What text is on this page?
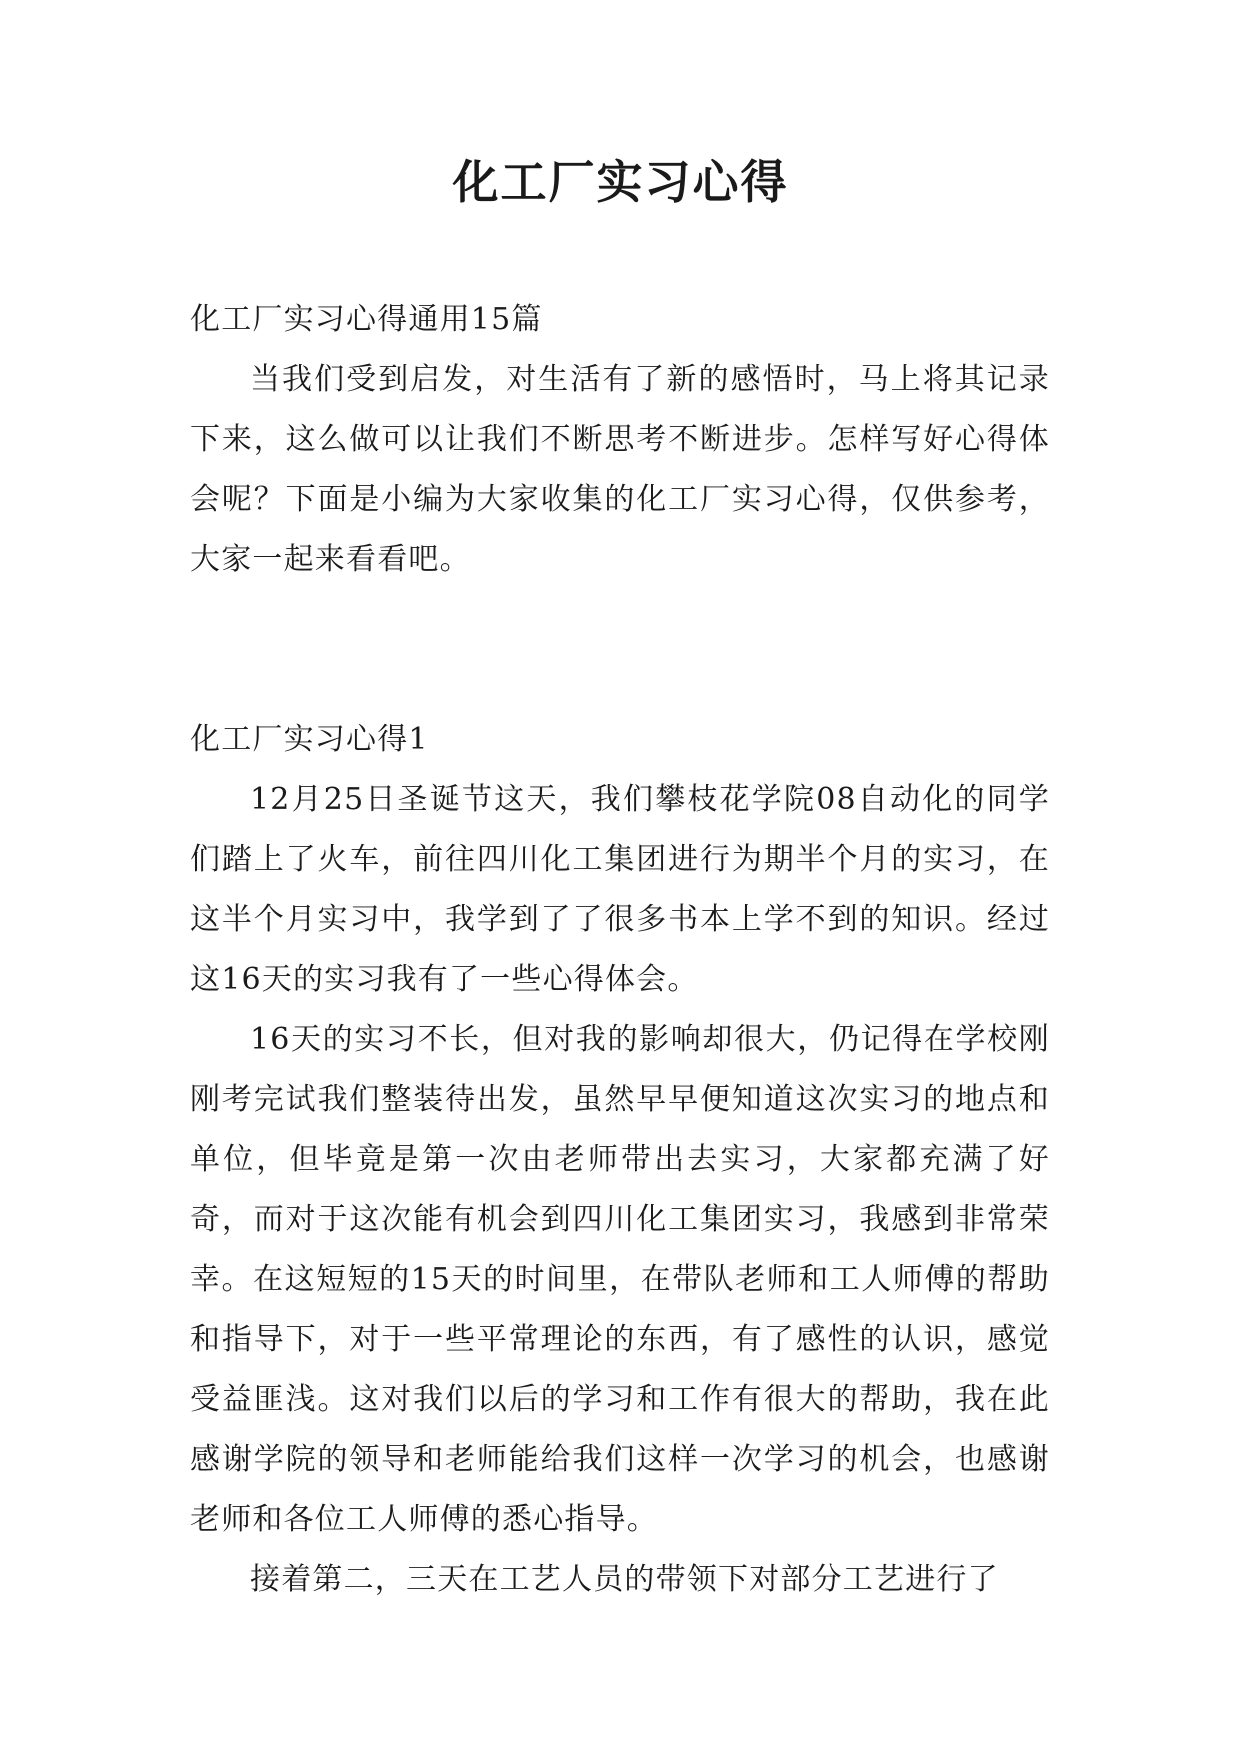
化工厂实习心得

化工厂实习心得通用15篇

当我们受到启发，对生活有了新的感悟时，马上将其记录下来，这么做可以让我们不断思考不断进步。怎样写好心得体会呢？下面是小编为大家收集的化工厂实习心得，仅供参考，大家一起来看看吧。

化工厂实习心得1

12月25日圣诞节这天，我们攀枝花学院08自动化的同学们踏上了火车，前往四川化工集团进行为期半个月的实习，在这半个月实习中，我学到了了很多书本上学不到的知识。经过这16天的实习我有了一些心得体会。

16天的实习不长，但对我的影响却很大，仍记得在学校刚刚考完试我们整装待出发，虽然早早便知道这次实习的地点和单位，但毕竟是第一次由老师带出去实习，大家都充满了好奇，而对于这次能有机会到四川化工集团实习，我感到非常荣幸。在这短短的15天的时间里，在带队老师和工人师傅的帮助和指导下，对于一些平常理论的东西，有了感性的认识，感觉受益匪浅。这对我们以后的学习和工作有很大的帮助，我在此感谢学院的领导和老师能给我们这样一次学习的机会，也感谢老师和各位工人师傅的悉心指导。

接着第二，三天在工艺人员的带领下对部分工艺进行了
